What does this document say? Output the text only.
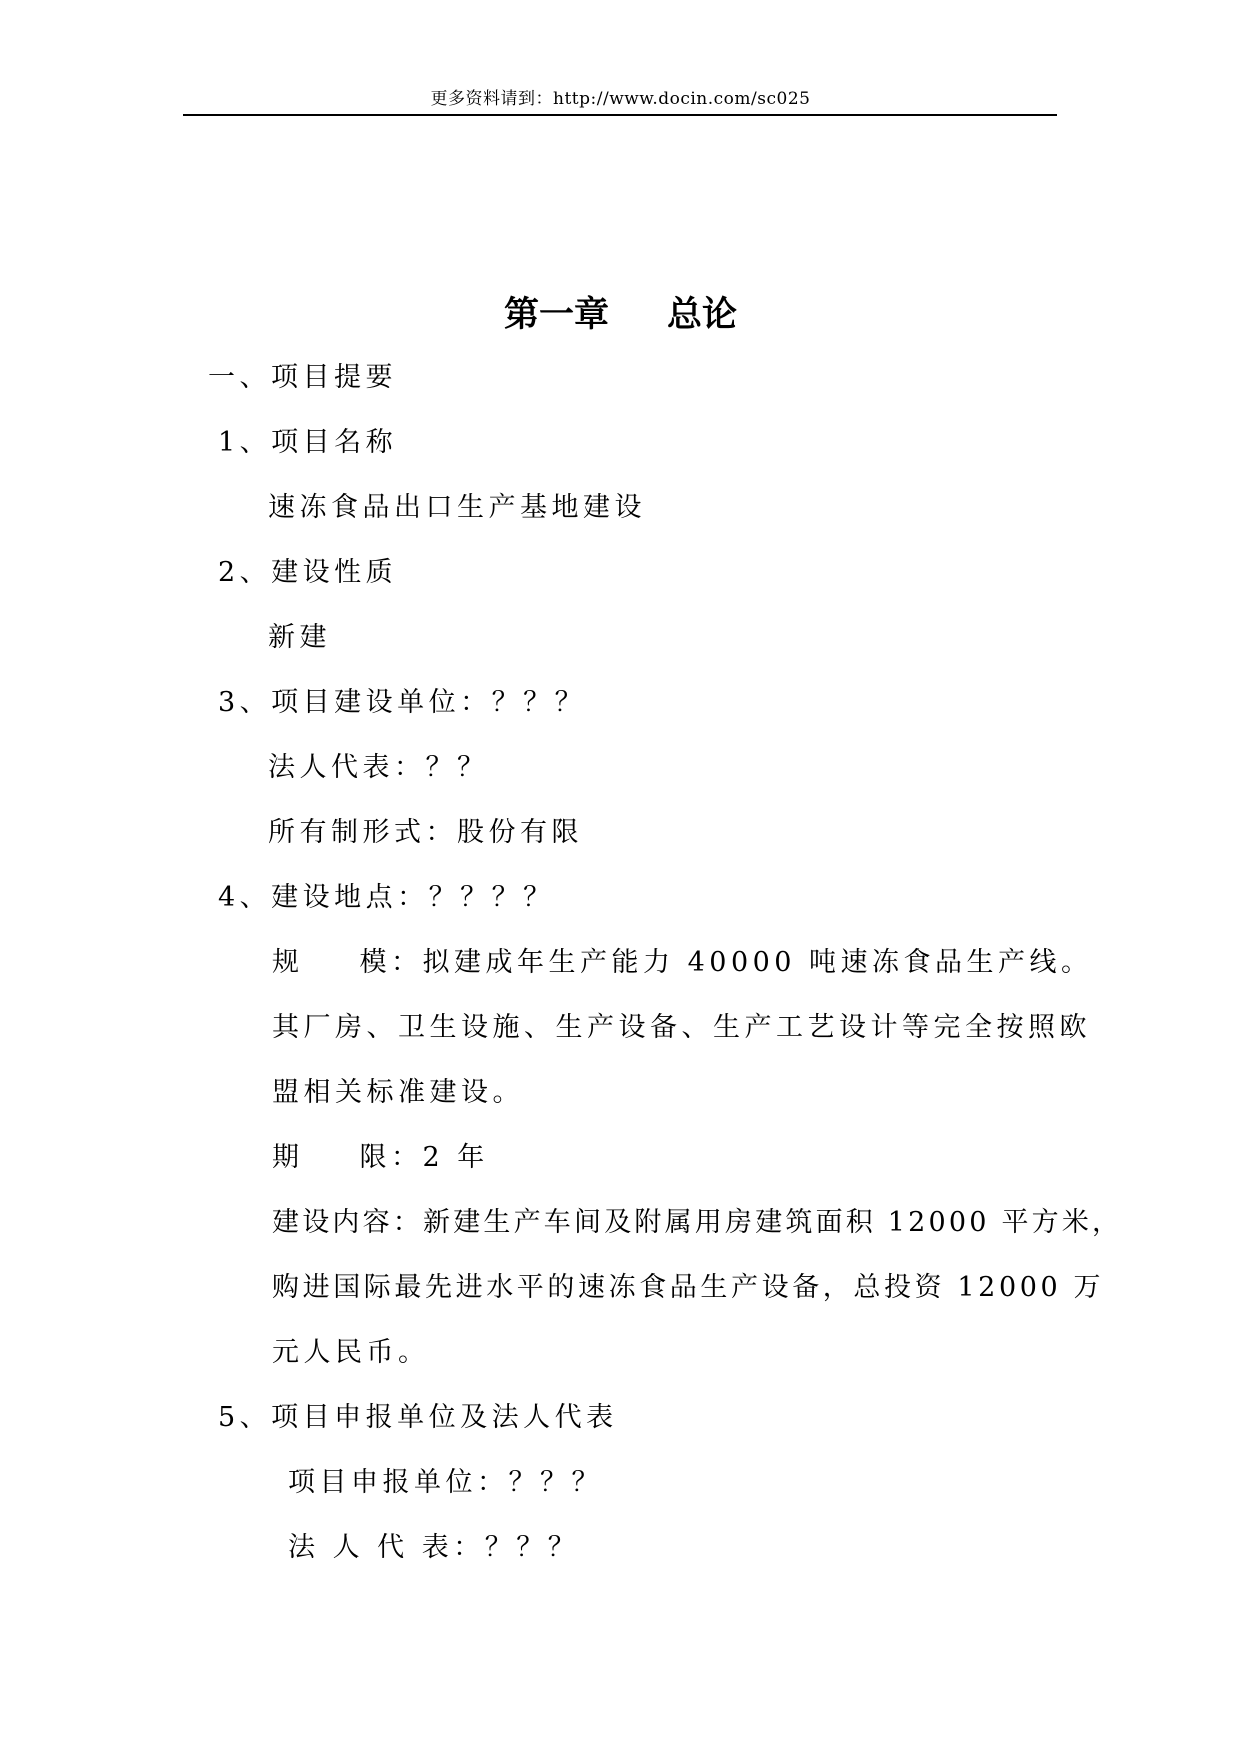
更多资料请到：http://www.docin.com/sc025
第一章 总论
一、项目提要
1、项目名称
速冻食品出口生产基地建设
2、建设性质
新建
3、项目建设单位：？？？
法人代表：？？
所有制形式：股份有限
4、建设地点：？？？？
规 模：拟建成年生产能力 40000 吨速冻食品生产线。
其厂房、卫生设施、生产设备、生产工艺设计等完全按照欧
盟相关标准建设。
期 限：2 年
建设内容：新建生产车间及附属用房建筑面积 12000 平方米，
购进国际最先进水平的速冻食品生产设备，总投资 12000 万
元人民币。
5、项目申报单位及法人代表
项目申报单位：？？？
法 人 代 表：？？？
